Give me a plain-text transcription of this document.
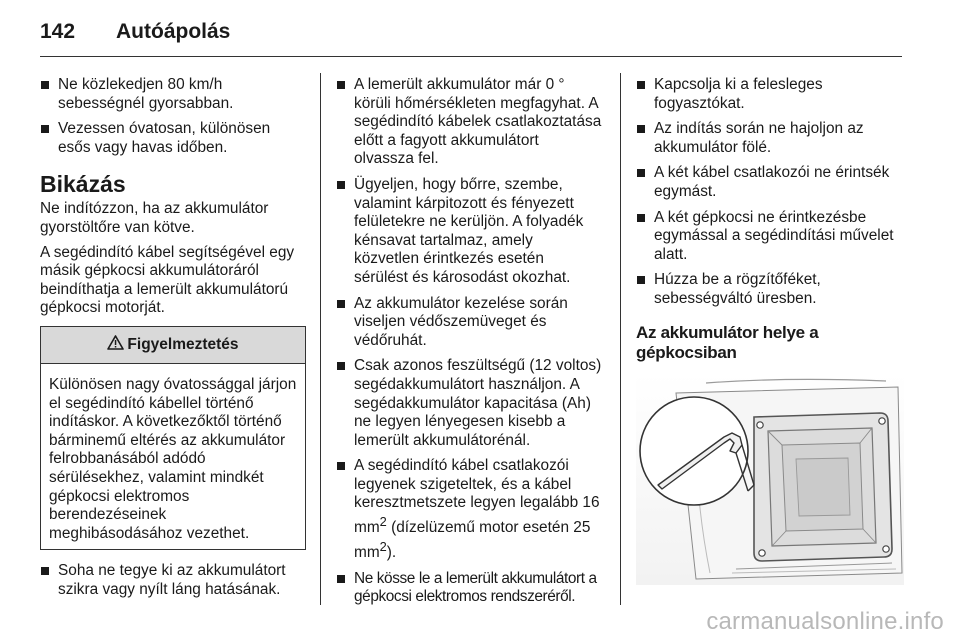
142	Autóápolás
Ne közlekedjen 80 km/h sebességnél gyorsabban.
Vezessen óvatosan, különösen esős vagy havas időben.
Bikázás

Ne indítózzon, ha az akkumulátor gyorstöltőre van kötve.

A segédindító kábel segítségével egy másik gépkocsi akkumulátoráról beindíthatja a lemerült akkumulátorú gépkocsi motorját.

Figyelmeztetés
Különösen nagy óvatossággal járjon el segédindító kábellel történő indításkor. A következőktől történő bárminemű eltérés az akkumulátor felrobbanásából adódó sérülésekhez, valamint mindkét gépkocsi elektromos berendezéseinek meghibásodásához vezethet.
Soha ne tegye ki az akkumulátort szikra vagy nyílt láng hatásának.
A lemerült akkumulátor már 0 ° körüli hőmérsékleten megfagyhat. A segédindító kábelek csatlakoztatása előtt a fagyott akkumulátort olvassza fel.
Ügyeljen, hogy bőrre, szembe, valamint kárpitozott és fényezett felületekre ne kerüljön. A folyadék kénsavat tartalmaz, amely közvetlen érintkezés esetén sérülést és károsodást okozhat.
Az akkumulátor kezelése során viseljen védőszemüveget és védőruhát.
Csak azonos feszültségű (12 voltos) segédakkumulátort használjon. A segédakkumulátor kapacitása (Ah) ne legyen lényegesen kisebb a lemerült akkumulátorénál.
A segédindító kábel csatlakozói legyenek szigeteltek, és a kábel keresztmetszete legyen legalább 16 $mm^2$ (dízelüzemű motor esetén 25 $mm^2$).
Ne kösse le a lemerült akkumulátort a gépkocsi elektromos rendszeréről.
Kapcsolja ki a felesleges fogyasztókat.
Az indítás során ne hajoljon az akkumulátor fölé.
A két kábel csatlakozói ne érintsék egymást.
A két gépkocsi ne érintkezésbe egymással a segédindítási művelet alatt.
Húzza be a rögzítőféket, sebességváltó üresben.
Az akkumulátor helye a gépkocsiban
carmanualsonline.info
